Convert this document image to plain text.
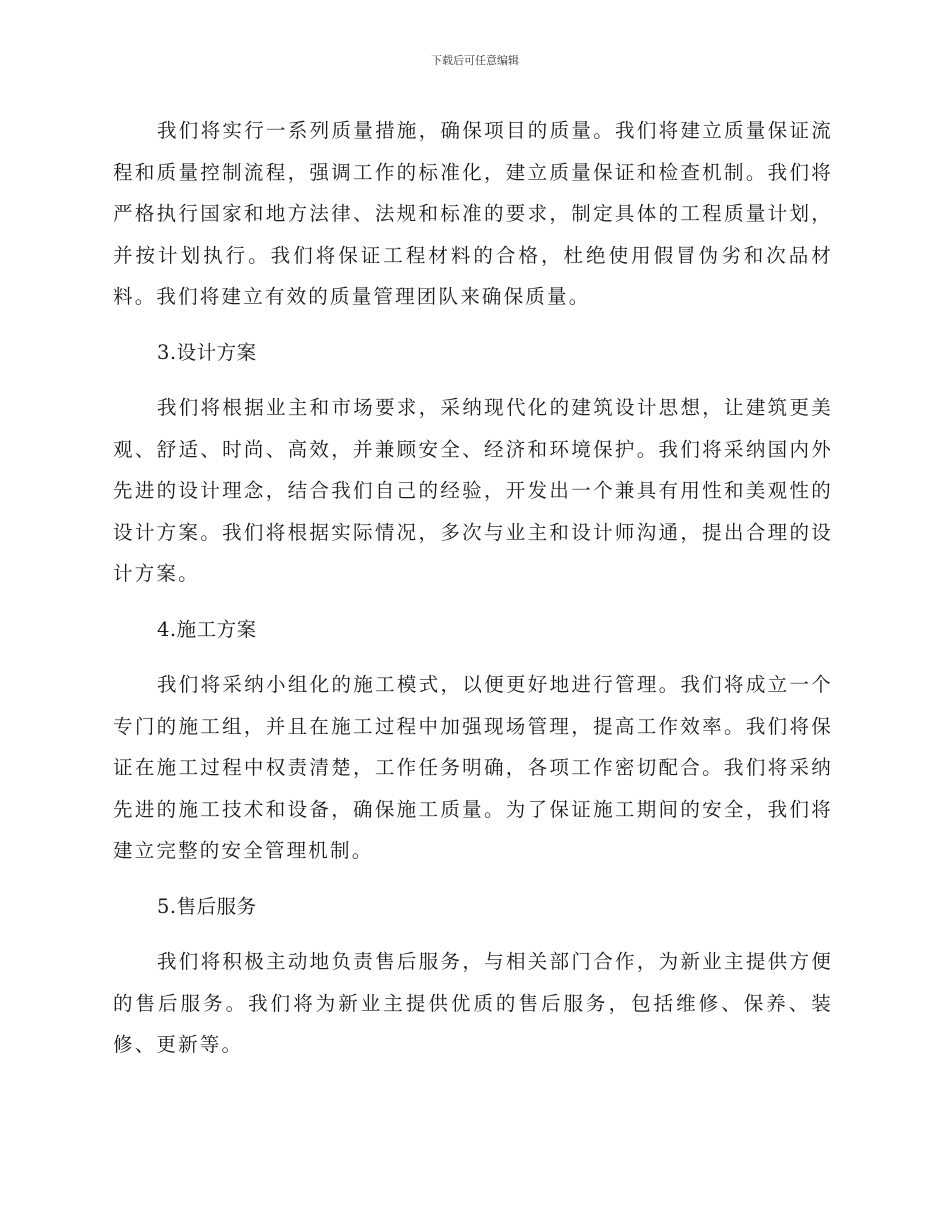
下载后可任意编辑

我们将实行一系列质量措施，确保项目的质量。我们将建立质量保证流程和质量控制流程，强调工作的标准化，建立质量保证和检查机制。我们将严格执行国家和地方法律、法规和标准的要求，制定具体的工程质量计划，并按计划执行。我们将保证工程材料的合格，杜绝使用假冒伪劣和次品材料。我们将建立有效的质量管理团队来确保质量。

3.设计方案

我们将根据业主和市场要求，采纳现代化的建筑设计思想，让建筑更美观、舒适、时尚、高效，并兼顾安全、经济和环境保护。我们将采纳国内外先进的设计理念，结合我们自己的经验，开发出一个兼具有用性和美观性的设计方案。我们将根据实际情况，多次与业主和设计师沟通，提出合理的设计方案。

4.施工方案

我们将采纳小组化的施工模式，以便更好地进行管理。我们将成立一个专门的施工组，并且在施工过程中加强现场管理，提高工作效率。我们将保证在施工过程中权责清楚，工作任务明确，各项工作密切配合。我们将采纳先进的施工技术和设备，确保施工质量。为了保证施工期间的安全，我们将建立完整的安全管理机制。

5.售后服务

我们将积极主动地负责售后服务，与相关部门合作，为新业主提供方便的售后服务。我们将为新业主提供优质的售后服务，包括维修、保养、装修、更新等。
